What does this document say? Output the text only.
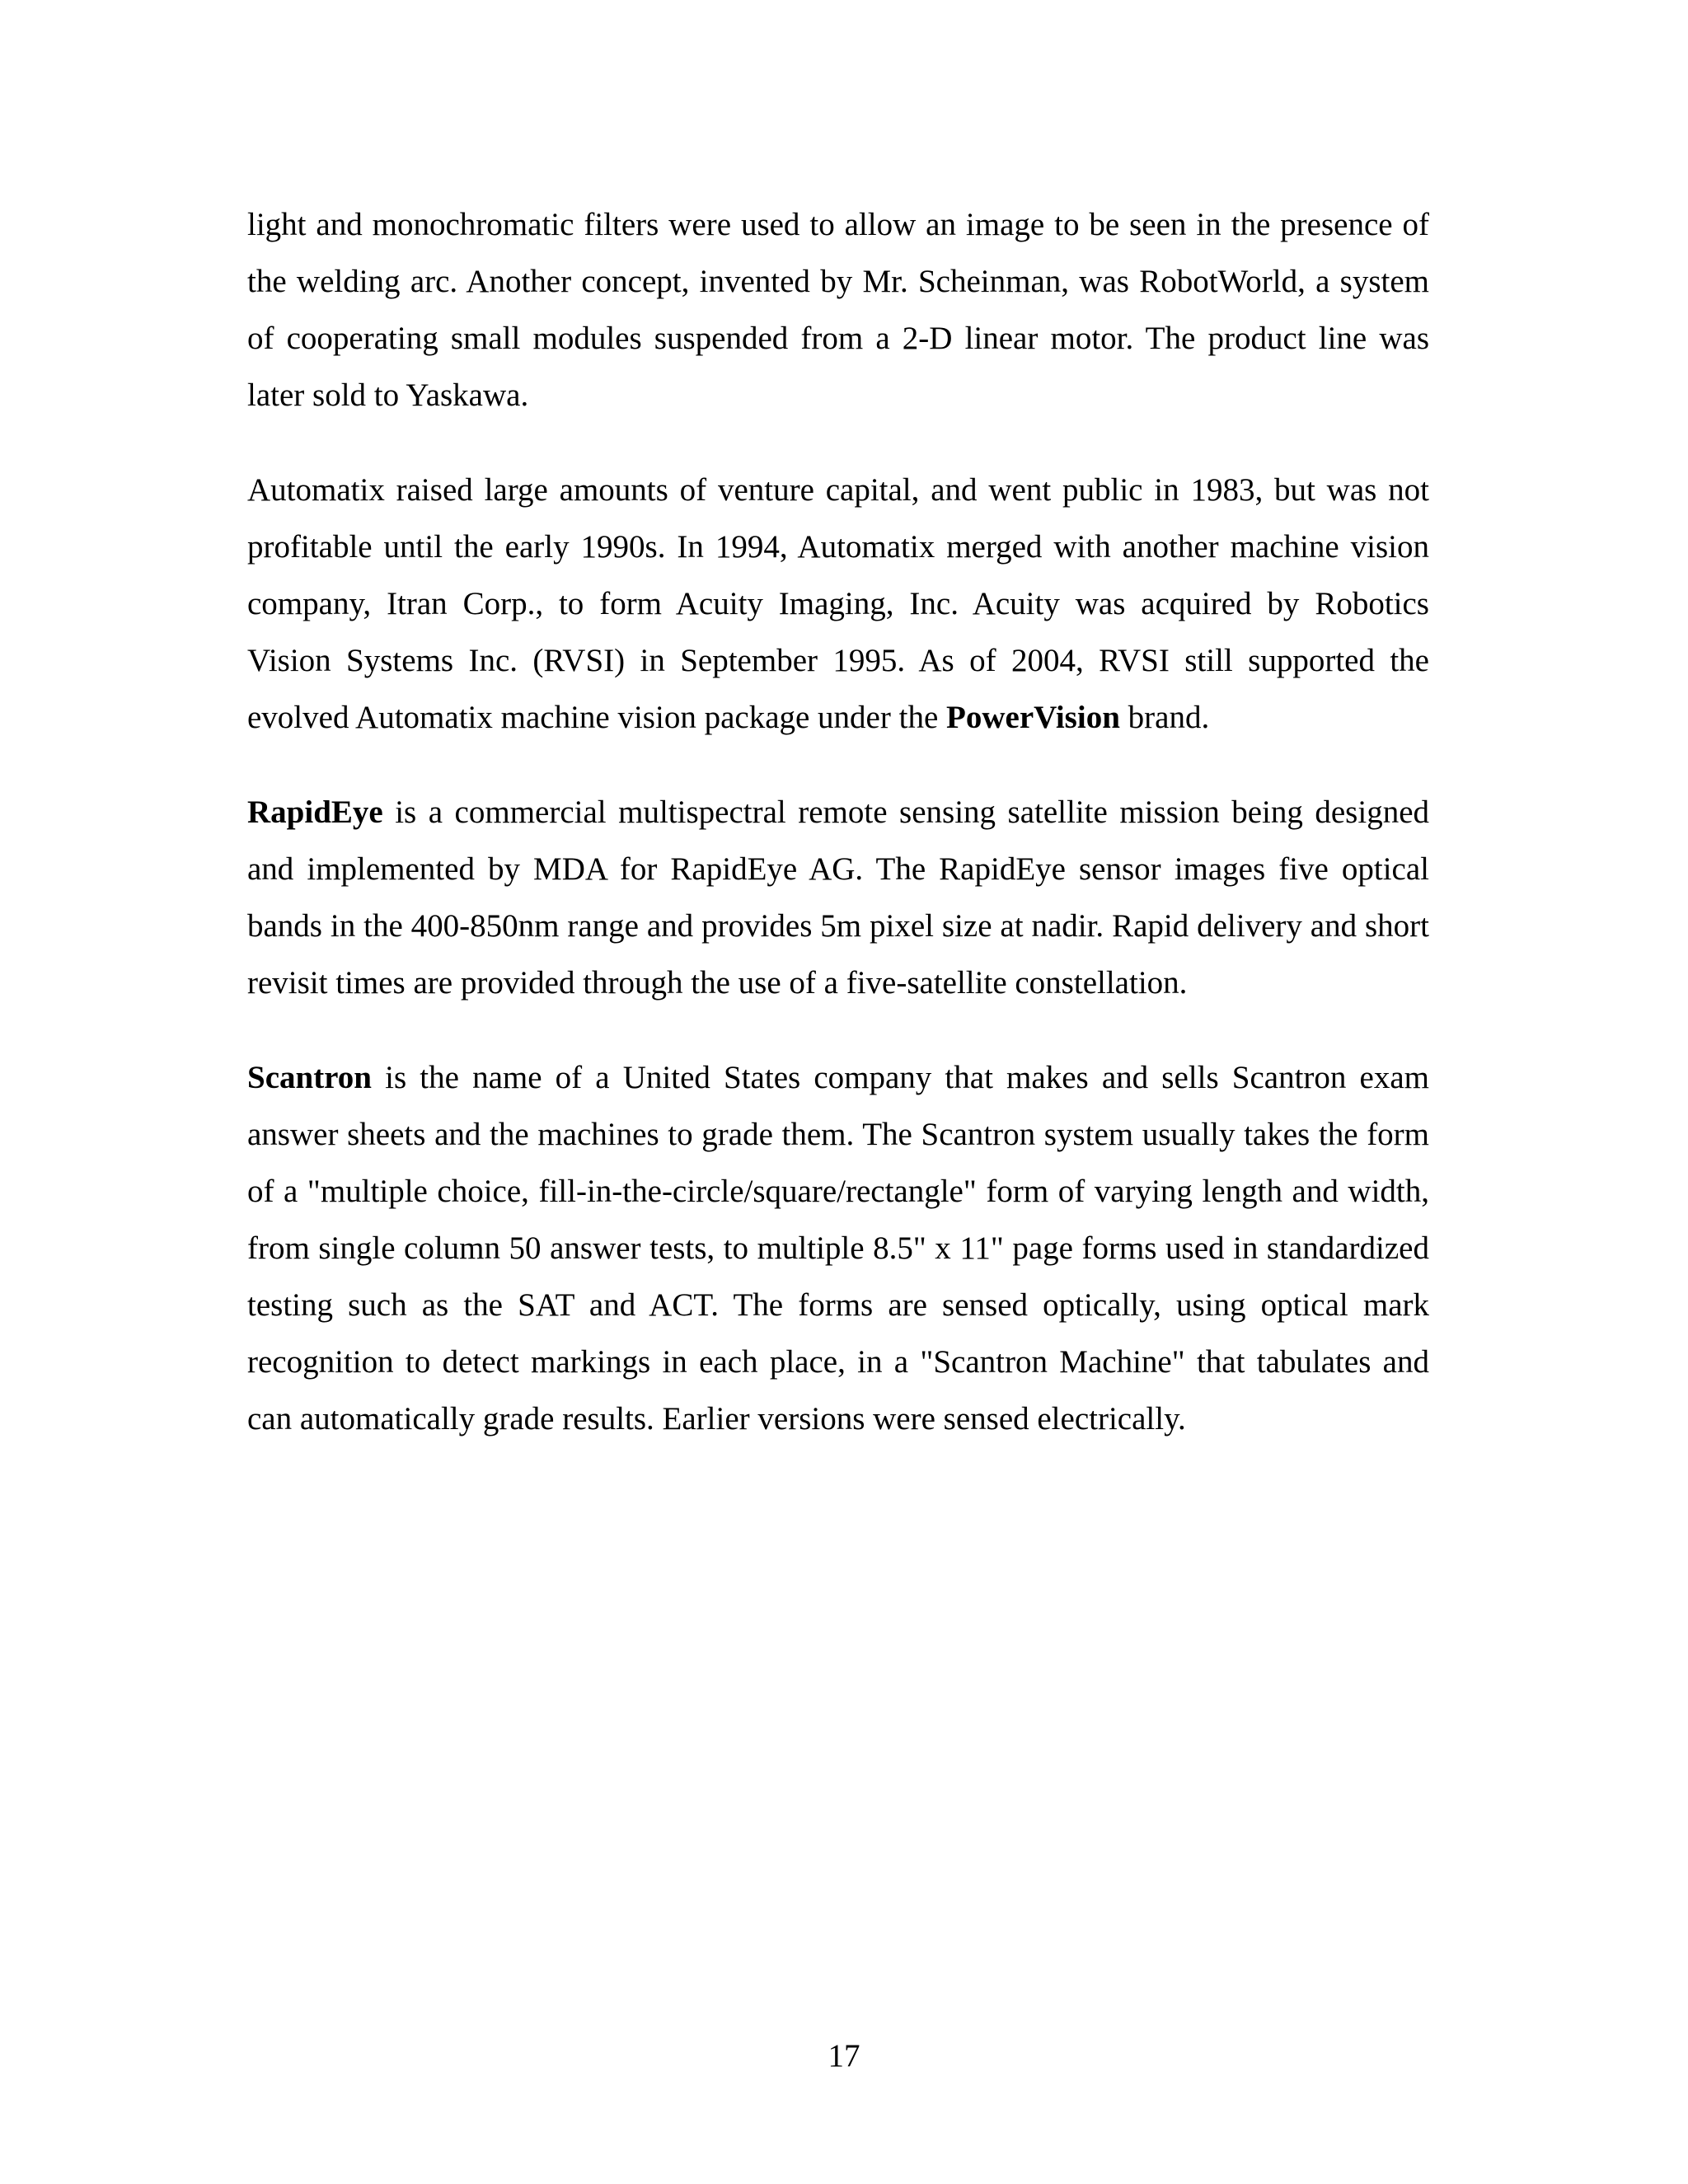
light and monochromatic filters were used to allow an image to be seen in the presence of the welding arc. Another concept, invented by Mr. Scheinman, was RobotWorld, a system of cooperating small modules suspended from a 2-D linear motor. The product line was later sold to Yaskawa.

Automatix raised large amounts of venture capital, and went public in 1983, but was not profitable until the early 1990s. In 1994, Automatix merged with another machine vision company, Itran Corp., to form Acuity Imaging, Inc. Acuity was acquired by Robotics Vision Systems Inc. (RVSI) in September 1995. As of 2004, RVSI still supported the evolved Automatix machine vision package under the PowerVision brand.

RapidEye is a commercial multispectral remote sensing satellite mission being designed and implemented by MDA for RapidEye AG. The RapidEye sensor images five optical bands in the 400-850nm range and provides 5m pixel size at nadir. Rapid delivery and short revisit times are provided through the use of a five-satellite constellation.

Scantron is the name of a United States company that makes and sells Scantron exam answer sheets and the machines to grade them. The Scantron system usually takes the form of a "multiple choice, fill-in-the-circle/square/rectangle" form of varying length and width, from single column 50 answer tests, to multiple 8.5" x 11" page forms used in standardized testing such as the SAT and ACT. The forms are sensed optically, using optical mark recognition to detect markings in each place, in a "Scantron Machine" that tabulates and can automatically grade results. Earlier versions were sensed electrically.

17
